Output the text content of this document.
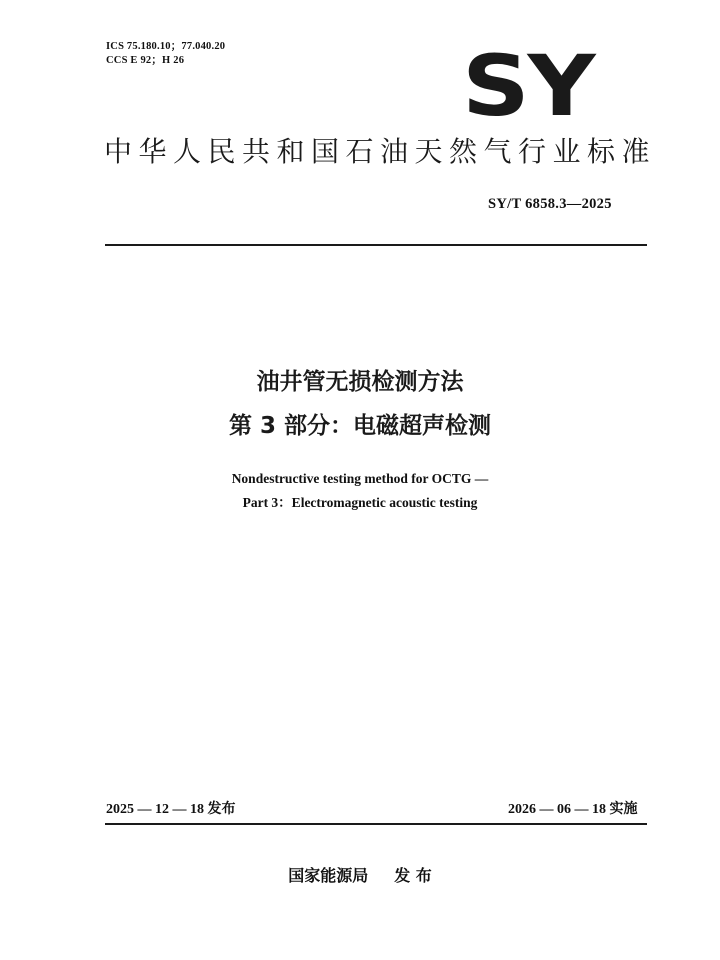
ICS 75.180.10；77.040.20
CCS E 92；H 26	SY
中华人民共和国石油天然气行业标准
SY/T 6858.3—2025
油井管无损检测方法
第 3 部分：电磁超声检测
Nondestructive testing method for OCTG —
Part 3：Electromagnetic acoustic testing
2025 — 12 — 18 发布	2026 — 06 — 18 实施
国家能源局 发 布
